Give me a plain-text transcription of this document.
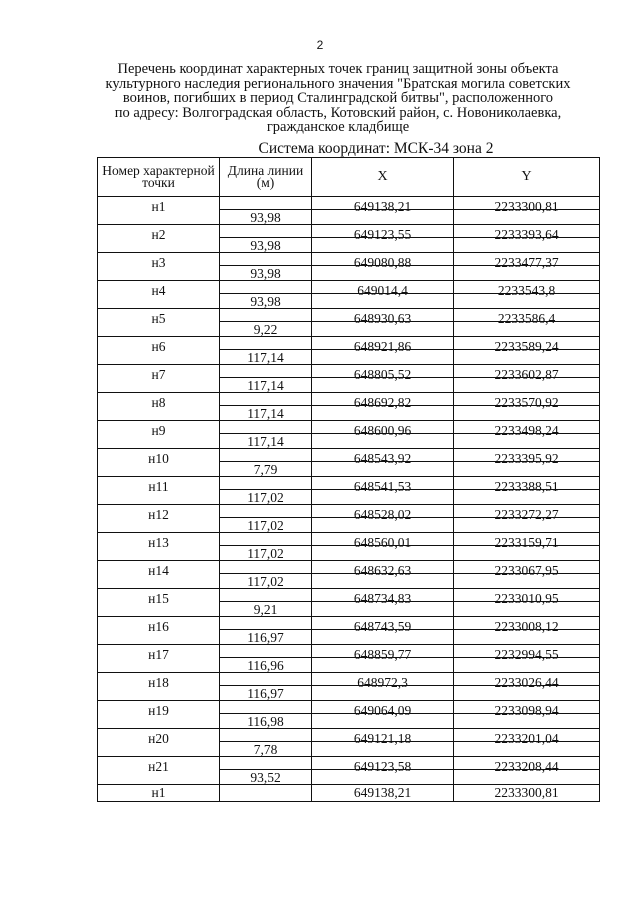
2
Перечень координат характерных точек границ защитной зоны объекта
культурного наследия регионального значения "Братская могила советских
воинов, погибших в период Сталинградской битвы", расположенного
по адресу: Волгоградская область, Котовский район, с. Новониколаевка,
гражданское кладбище
Система координат: МСК-34 зона 2
Номер характерной точки	Длина линии (м)	X	Y

н1	93,98	649138,21	2233300,81

н2	93,98	649123,55	2233393,64

н3	93,98	649080,88	2233477,37

н4	93,98	649014,4	2233543,8

н5	9,22	648930,63	2233586,4

н6	117,14	648921,86	2233589,24

н7	117,14	648805,52	2233602,87

н8	117,14	648692,82	2233570,92

н9	117,14	648600,96	2233498,24

н10	7,79	648543,92	2233395,92

н11	117,02	648541,53	2233388,51

н12	117,02	648528,02	2233272,27

н13	117,02	648560,01	2233159,71

н14	117,02	648632,63	2233067,95

н15	9,21	648734,83	2233010,95

н16	116,97	648743,59	2233008,12

н17	116,96	648859,77	2232994,55

н18	116,97	648972,3	2233026,44

н19	116,98	649064,09	2233098,94

н20	7,78	649121,18	2233201,04

н21	93,52	649123,58	2233208,44

н1		649138,21	2233300,81
